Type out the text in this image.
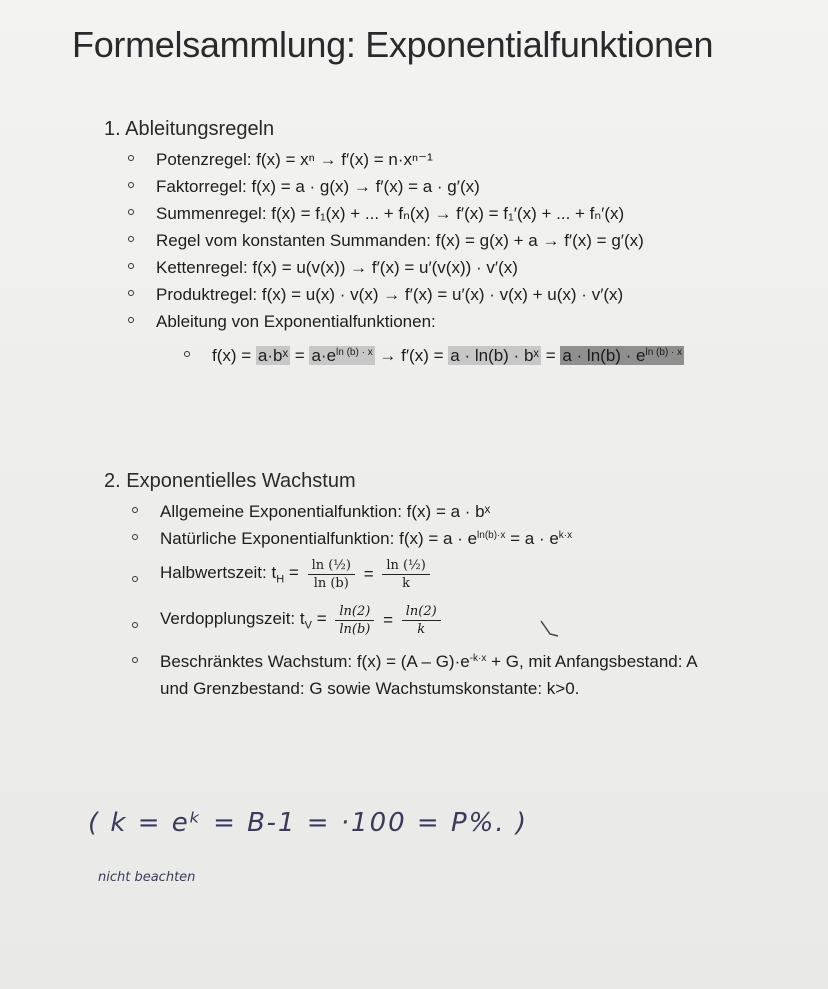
Formelsammlung: Exponentialfunktionen
1. Ableitungsregeln
Potenzregel: f(x) = xⁿ → f′(x) = n·xⁿ⁻¹
Faktorregel: f(x) = a · g(x) → f′(x) = a · g′(x)
Summenregel: f(x) = f₁(x) + ... + fₙ(x) → f′(x) = f₁′(x) + ... + fₙ′(x)
Regel vom konstanten Summanden: f(x) = g(x) + a → f′(x) = g′(x)
Kettenregel: f(x) = u(v(x)) → f′(x) = u′(v(x)) · v′(x)
Produktregel: f(x) = u(x) · v(x) → f′(x) = u′(x) · v(x) + u(x) · v′(x)
Ableitung von Exponentialfunktionen:
f(x) = a·bˣ = $a\cdot e^{ln (b) \cdot x} \to f'(x) = a \cdot \ln(b)$ · bˣ = $a \cdot \ln(b) \cdot e^{ln (b) \cdot x}$
2. Exponentielles Wachstum
Allgemeine Exponentialfunktion: f(x) = a · bˣ
Natürliche Exponentialfunktion: $f(x) = a \cdot e^{ln(b)\cdot x} = a \cdot e^{k\cdot x}$
Halbwertszeit: $t_H = \frac{\text{ln (½)}}{\ln (b)} = \frac{\text{ln (½)}}{k}$
Verdopplungszeit: $t_V = \frac{\ln(2)}{\ln(b)} = \frac{\ln(2)}{k}$
Beschränktes Wachstum: $f(x) = (A - G)\cdot e^{-k\cdot x} + G$, mit Anfangsbestand: A
und Grenzbestand: G sowie Wachstumskonstante: k>0.
( k = eᵏ = B-1 = ·100 = P%. )
nicht beachten
